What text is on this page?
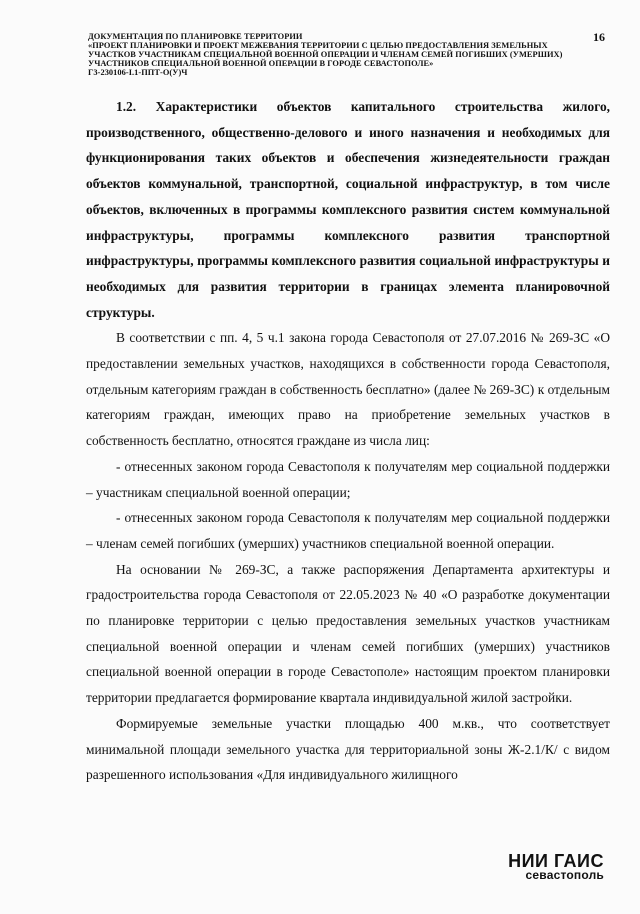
ДОКУМЕНТАЦИЯ ПО ПЛАНИРОВКЕ ТЕРРИТОРИИ
«ПРОЕКТ ПЛАНИРОВКИ И ПРОЕКТ МЕЖЕВАНИЯ ТЕРРИТОРИИ С ЦЕЛЬЮ ПРЕДОСТАВЛЕНИЯ ЗЕМЕЛЬНЫХ
УЧАСТКОВ УЧАСТНИКАМ СПЕЦИАЛЬНОЙ ВОЕННОЙ ОПЕРАЦИИ И ЧЛЕНАМ СЕМЕЙ ПОГИБШИХ (УМЕРШИХ)
УЧАСТНИКОВ СПЕЦИАЛЬНОЙ ВОЕННОЙ ОПЕРАЦИИ В ГОРОДЕ СЕВАСТОПОЛЕ»
Г3-230106-I.1-ППТ-О(У)Ч
16

1.2. Характеристики объектов капитального строительства жилого, производственного, общественно-делового и иного назначения и необходимых для функционирования таких объектов и обеспечения жизнедеятельности граждан объектов коммунальной, транспортной, социальной инфраструктур, в том числе объектов, включенных в программы комплексного развития систем коммунальной инфраструктуры, программы комплексного развития транспортной инфраструктуры, программы комплексного развития социальной инфраструктуры и необходимых для развития территории в границах элемента планировочной структуры.

В соответствии с пп. 4, 5 ч.1 закона города Севастополя от 27.07.2016 № 269-ЗС «О предоставлении земельных участков, находящихся в собственности города Севастополя, отдельным категориям граждан в собственность бесплатно» (далее № 269-ЗС) к отдельным категориям граждан, имеющих право на приобретение земельных участков в собственность бесплатно, относятся граждане из числа лиц:

- отнесенных законом города Севастополя к получателям мер социальной поддержки – участникам специальной военной операции;

- отнесенных законом города Севастополя к получателям мер социальной поддержки – членам семей погибших (умерших) участников специальной военной операции.

На основании № 269-ЗС, а также распоряжения Департамента архитектуры и градостроительства города Севастополя от 22.05.2023 № 40 «О разработке документации по планировке территории с целью предоставления земельных участков участникам специальной военной операции и членам семей погибших (умерших) участников специальной военной операции в городе Севастополе» настоящим проектом планировки территории предлагается формирование квартала индивидуальной жилой застройки.

Формируемые земельные участки площадью 400 м.кв., что соответствует минимальной площади земельного участка для территориальной зоны Ж-2.1/К/ с видом разрешенного использования «Для индивидуального жилищного

НИИ ГАИС
севастополь
